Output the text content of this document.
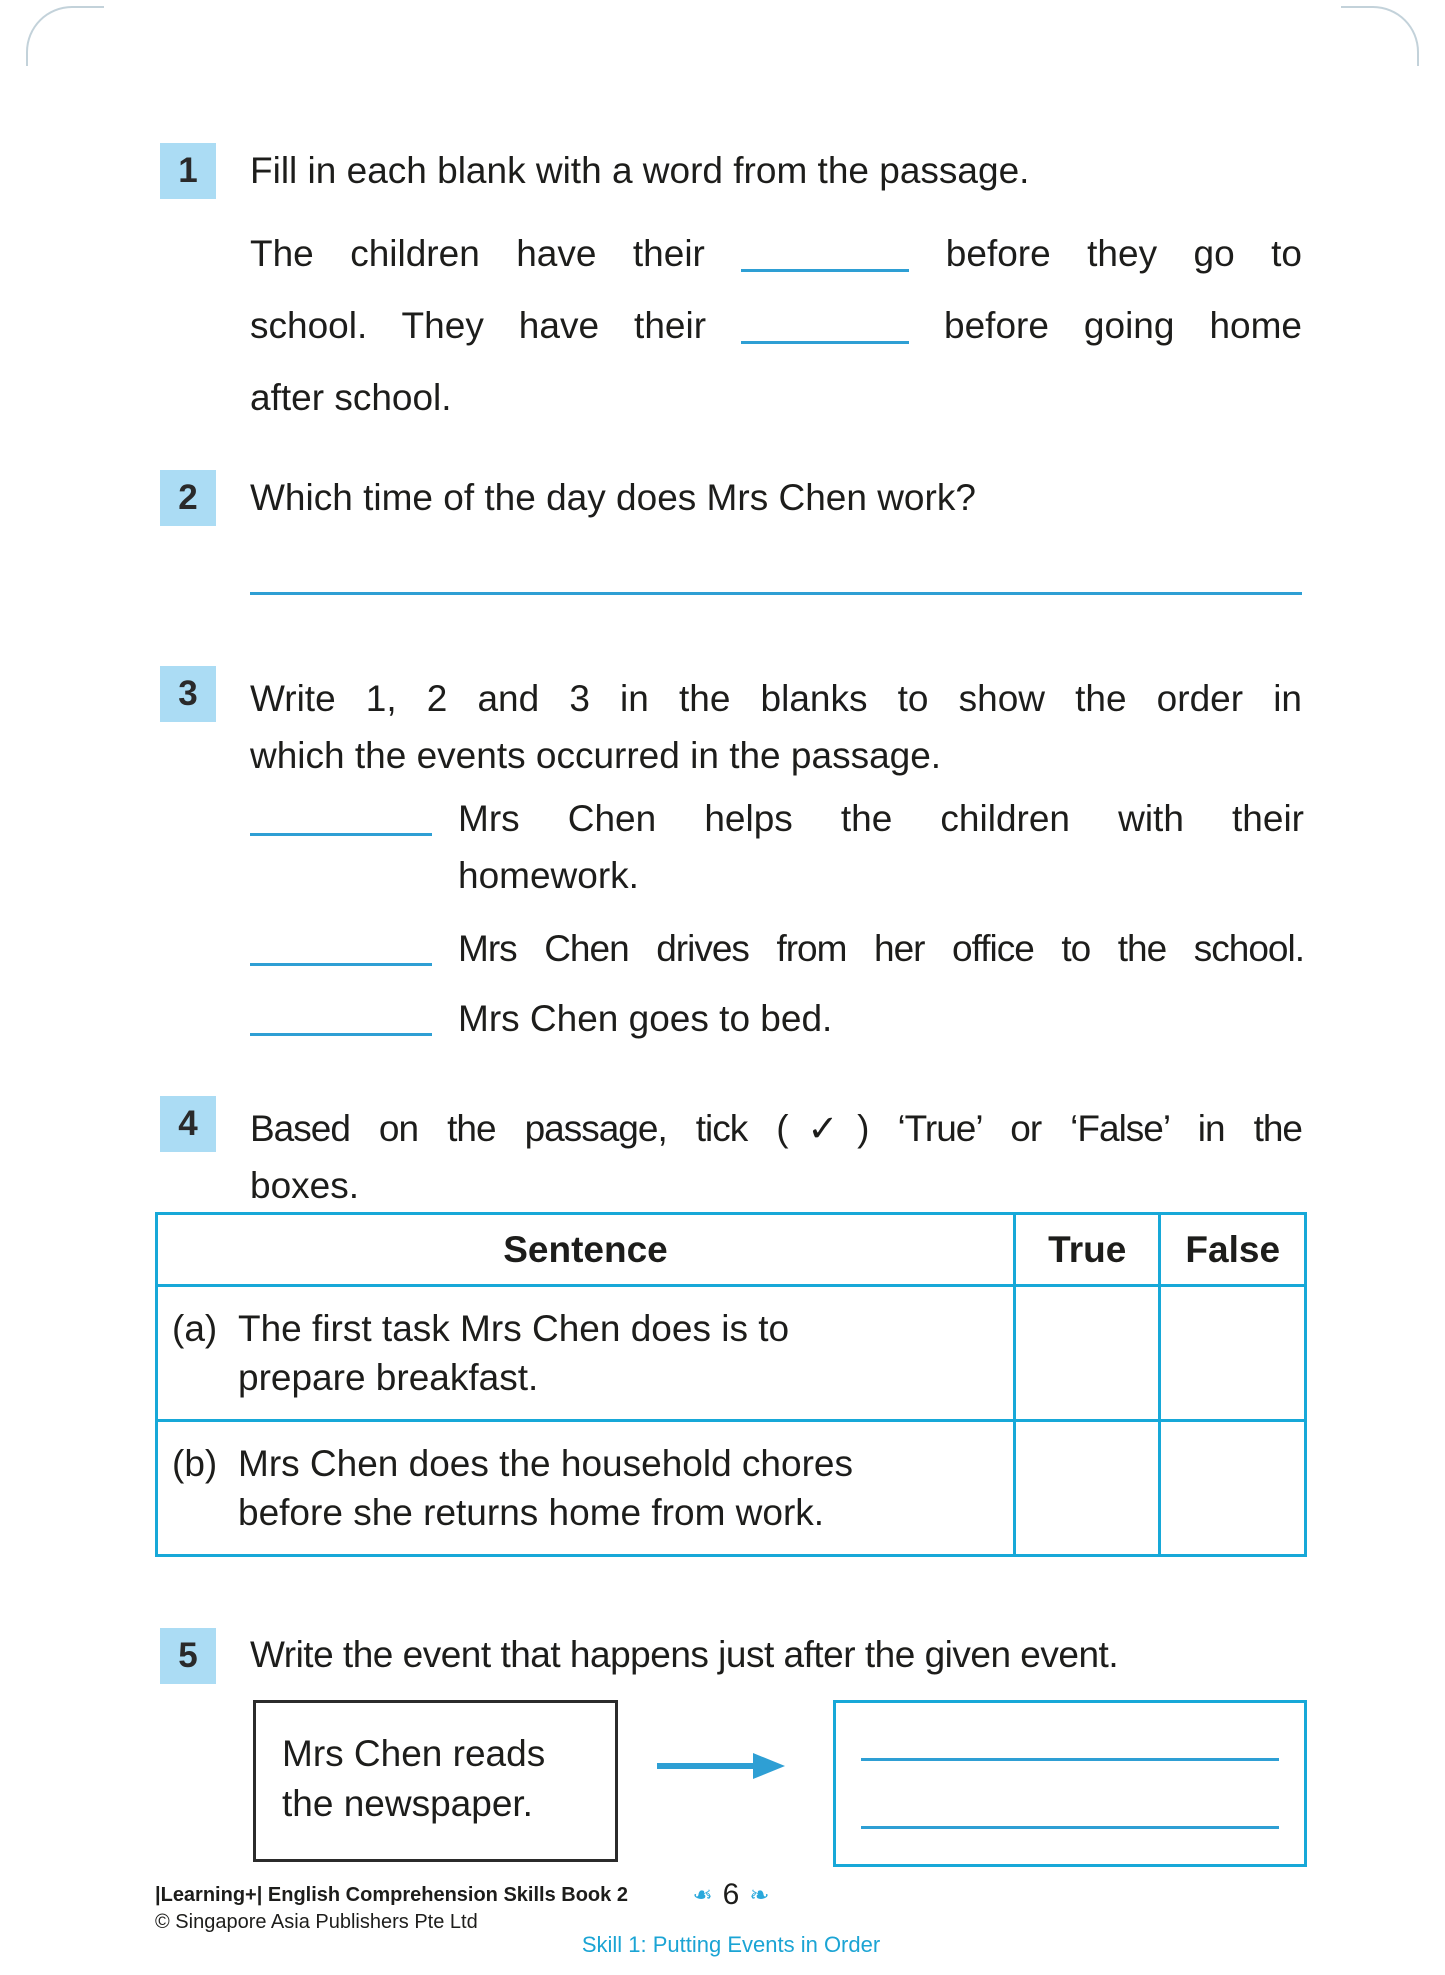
1 Fill in each blank with a word from the passage.
The children have their	before they go to
school. They have their	before going home
after school.
2 Which time of the day does Mrs Chen work?
3 Write 1, 2 and 3 in the blanks to show the order in
which the events occurred in the passage.
Mrs Chen helps the children with their
homework.
Mrs Chen drives from her office to the school.
Mrs Chen goes to bed.
4 Based on the passage, tick (✓) ‘True’ or ‘False’ in the
boxes.
Sentence	True	False

(a) The first task Mrs Chen does is to
prepare breakfast.		

(b) Mrs Chen does the household chores
before she returns home from work.		

5 Write the event that happens just after the given event.
Mrs Chen reads
the newspaper.
|Learning+| English Comprehension Skills Book 2
© Singapore Asia Publishers Pte Ltd
❧ 6 ❧
Skill 1: Putting Events in Order
